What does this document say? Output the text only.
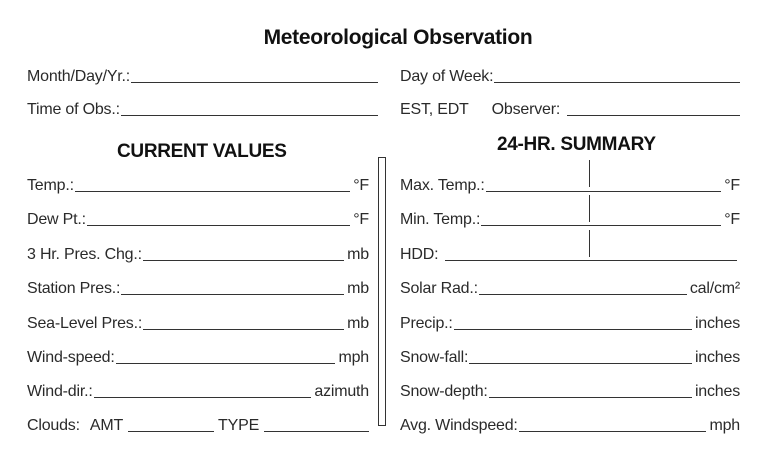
Meteorological Observation
Month/Day/Yr.:	Day of Week:
Time of Obs.:	EST, EDT Observer:
CURRENT VALUES	24-HR. SUMMARY
Temp.:	°F
Dew Pt.:	°F
3 Hr. Pres. Chg.:	mb
Station Pres.:	mb
Sea-Level Pres.:	mb
Wind-speed:	mph
Wind-dir.:	azimuth
Clouds: AMT	TYPE
Max. Temp.:	°F
Min. Temp.:	°F
HDD:
Solar Rad.:	cal/cm²
Precip.:	inches
Snow-fall:	inches
Snow-depth:	inches
Avg. Windspeed:	mph
